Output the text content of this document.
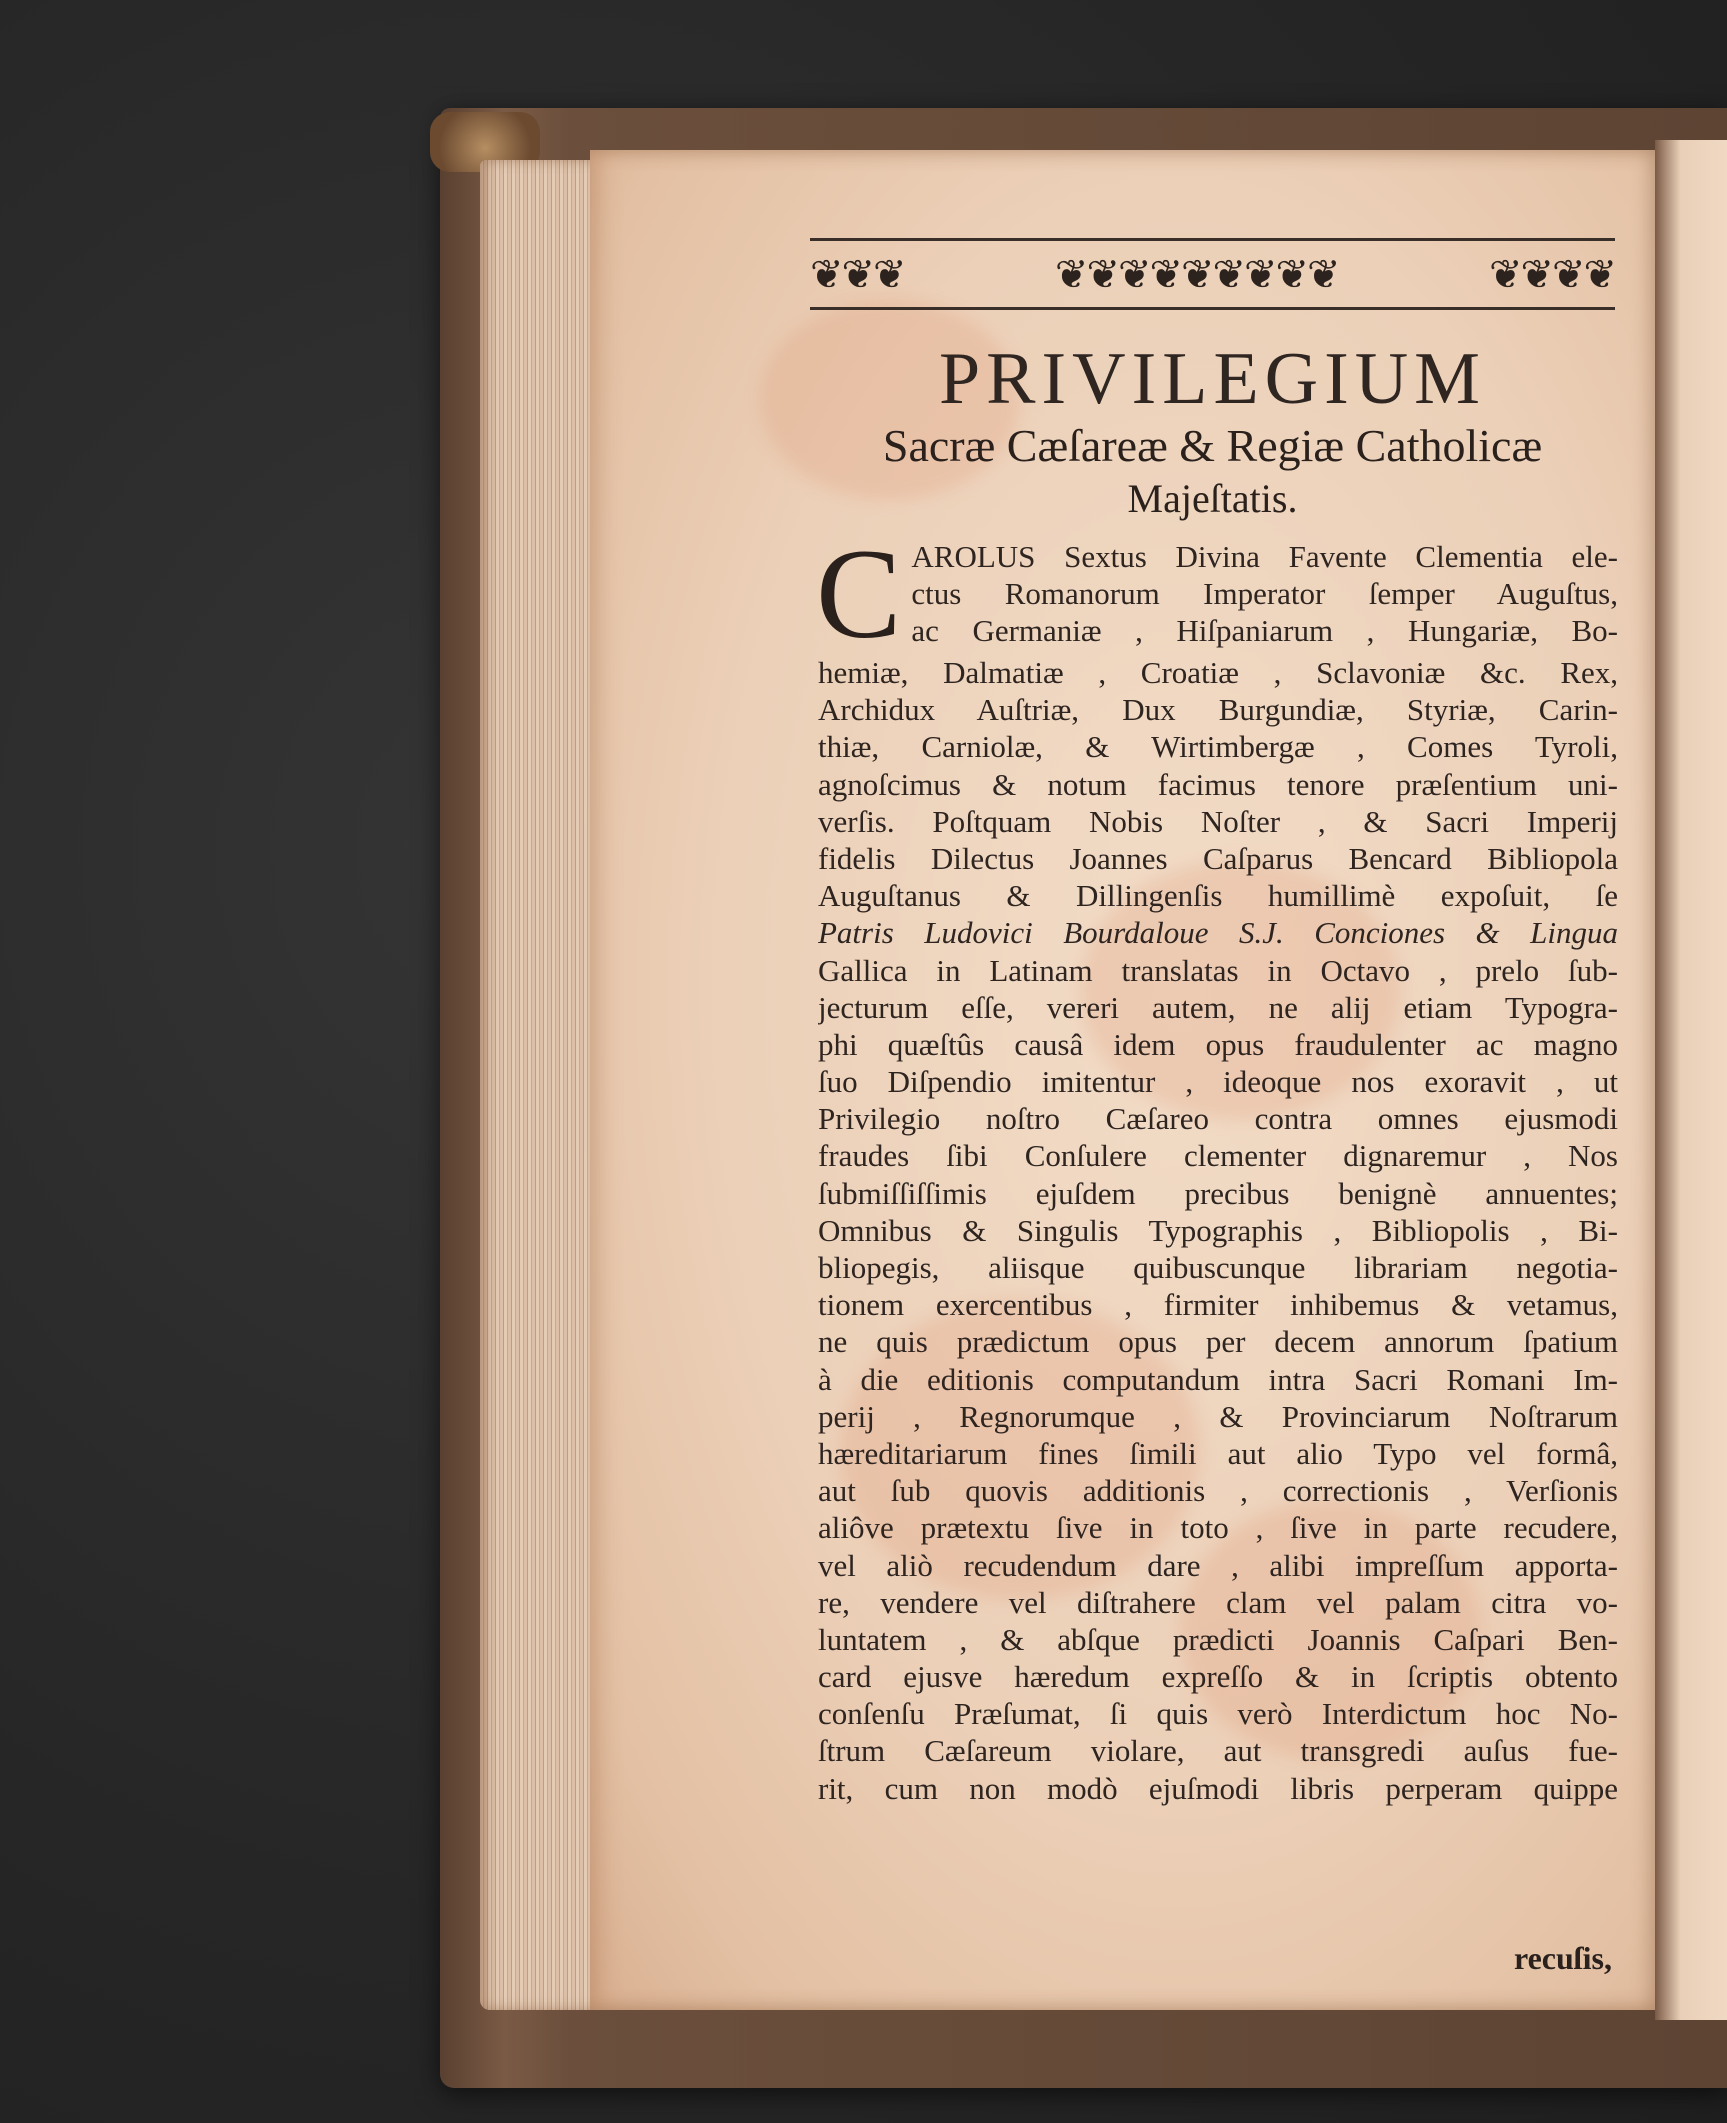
❦❦❦	❦❦❦❦❦❦❦❦❦	❦❦❦❦
PRIVILEGIUM
Sacræ Cæſareæ & Regiæ Catholicæ
Majeſtatis.
C AROLUS Sextus Divina Favente Clementia ele-
ctus Romanorum Imperator ſemper Auguſtus,
ac Germaniæ , Hiſpaniarum , Hungariæ, Bo-
hemiæ, Dalmatiæ , Croatiæ , Sclavoniæ &c. Rex,
Archidux Auſtriæ, Dux Burgundiæ, Styriæ, Carin-
thiæ, Carniolæ, & Wirtimbergæ , Comes Tyroli,
agnoſcimus & notum facimus tenore præſentium uni-
verſis. Poſtquam Nobis Noſter , & Sacri Imperij
fidelis Dilectus Joannes Caſparus Bencard Bibliopola
Auguſtanus & Dillingenſis humillimè expoſuit, ſe
Patris Ludovici Bourdaloue S.J. Conciones & Lingua
Gallica in Latinam translatas in Octavo , prelo ſub-
jecturum eſſe, vereri autem, ne alij etiam Typogra-
phi quæſtûs causâ idem opus fraudulenter ac magno
ſuo Diſpendio imitentur , ideoque nos exoravit , ut
Privilegio noſtro Cæſareo contra omnes ejusmodi
fraudes ſibi Conſulere clementer dignaremur , Nos
ſubmiſſiſſimis ejuſdem precibus benignè annuentes;
Omnibus & Singulis Typographis , Bibliopolis , Bi-
bliopegis, aliisque quibuscunque librariam negotia-
tionem exercentibus , firmiter inhibemus & vetamus,
ne quis prædictum opus per decem annorum ſpatium
à die editionis computandum intra Sacri Romani Im-
perij , Regnorumque , & Provinciarum Noſtrarum
hæreditariarum fines ſimili aut alio Typo vel formâ,
aut ſub quovis additionis , correctionis , Verſionis
aliôve prætextu ſive in toto , ſive in parte recudere,
vel aliò recudendum dare , alibi impreſſum apporta-
re, vendere vel diſtrahere clam vel palam citra vo-
luntatem , & abſque prædicti Joannis Caſpari Ben-
card ejusve hæredum expreſſo & in ſcriptis obtento
conſenſu Præſumat, ſi quis verò Interdictum hoc No-
ſtrum Cæſareum violare, aut transgredi auſus fue-
rit, cum non modò ejuſmodi libris perperam quippe
recuſis,
